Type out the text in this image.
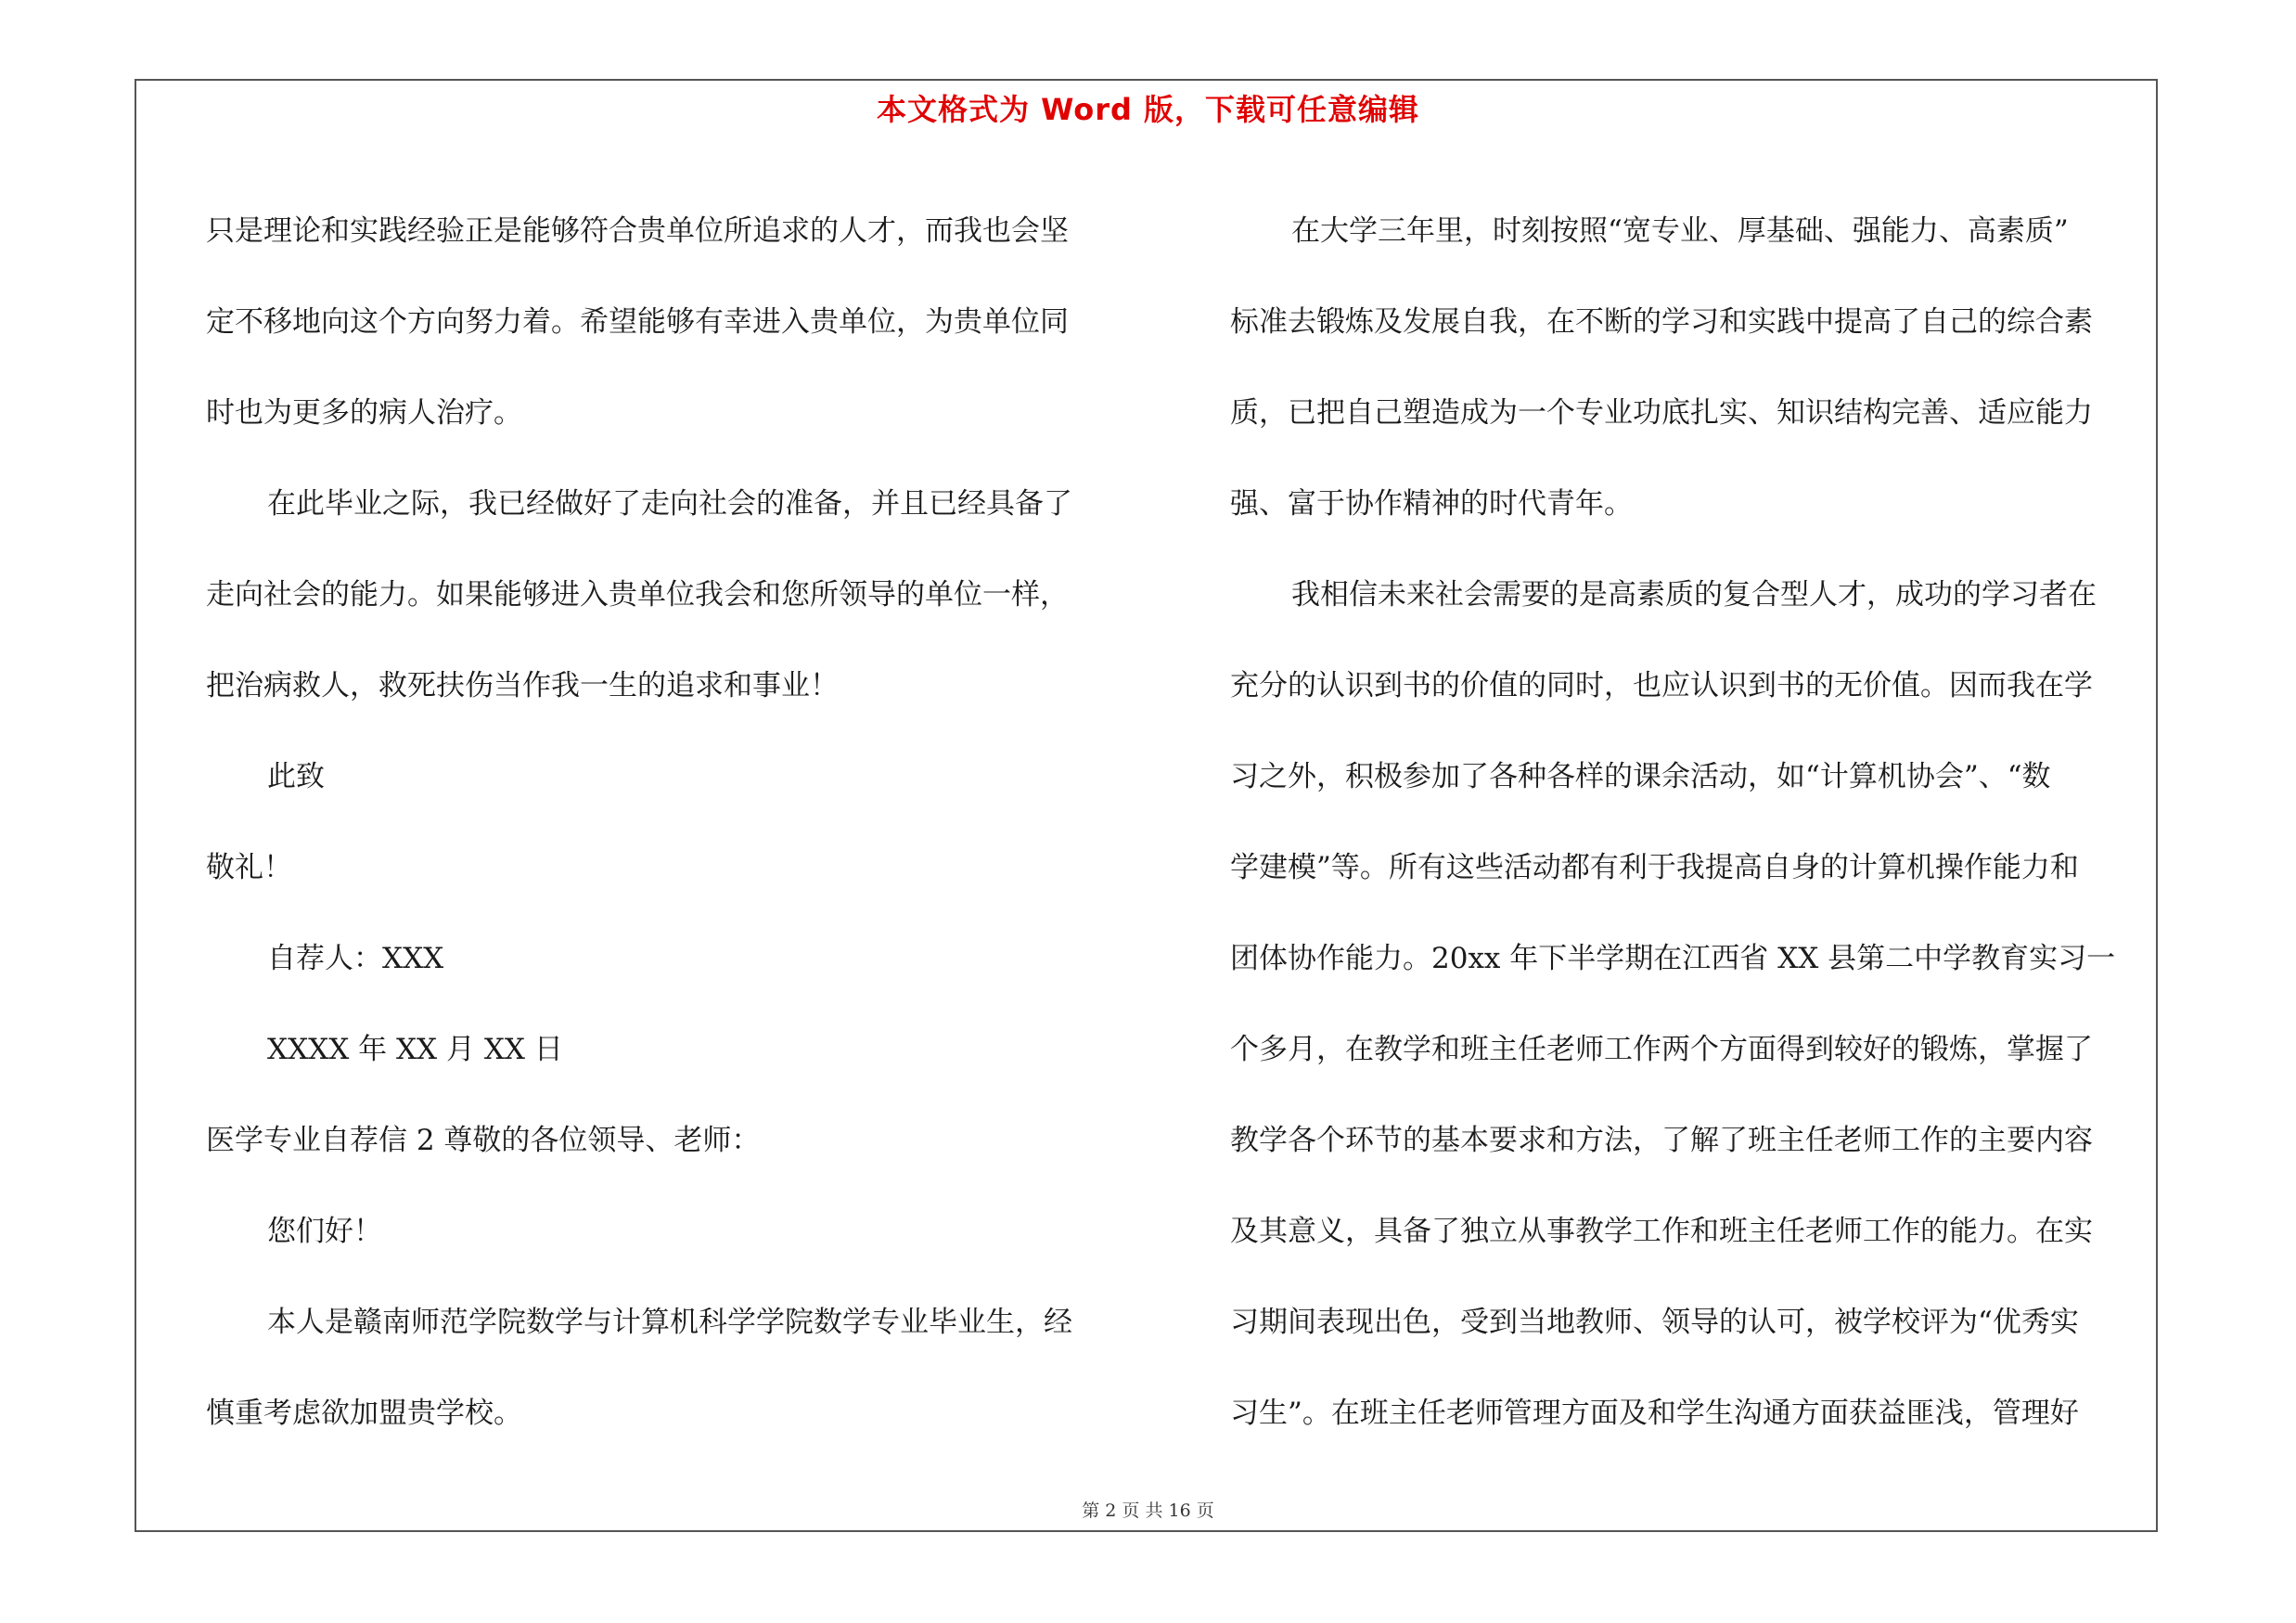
本文格式为 Word 版，下载可任意编辑
只是理论和实践经验正是能够符合贵单位所追求的人才，而我也会坚
定不移地向这个方向努力着。希望能够有幸进入贵单位，为贵单位同
时也为更多的病人治疗。
在此毕业之际，我已经做好了走向社会的准备，并且已经具备了
走向社会的能力。如果能够进入贵单位我会和您所领导的单位一样，
把治病救人，救死扶伤当作我一生的追求和事业！
此致
敬礼！
自荐人：XXX
XXXX 年 XX 月 XX 日
医学专业自荐信 2 尊敬的各位领导、老师：
您们好！
本人是赣南师范学院数学与计算机科学学院数学专业毕业生，经
慎重考虑欲加盟贵学校。
在大学三年里，时刻按照“宽专业、厚基础、强能力、高素质”
标准去锻炼及发展自我，在不断的学习和实践中提高了自己的综合素
质，已把自己塑造成为一个专业功底扎实、知识结构完善、适应能力
强、富于协作精神的时代青年。
我相信未来社会需要的是高素质的复合型人才，成功的学习者在
充分的认识到书的价值的同时，也应认识到书的无价值。因而我在学
习之外，积极参加了各种各样的课余活动，如“计算机协会”、“数
学建模”等。所有这些活动都有利于我提高自身的计算机操作能力和
团体协作能力。20xx 年下半学期在江西省 XX 县第二中学教育实习一
个多月，在教学和班主任老师工作两个方面得到较好的锻炼，掌握了
教学各个环节的基本要求和方法，了解了班主任老师工作的主要内容
及其意义，具备了独立从事教学工作和班主任老师工作的能力。在实
习期间表现出色，受到当地教师、领导的认可，被学校评为“优秀实
习生”。在班主任老师管理方面及和学生沟通方面获益匪浅，管理好
第 2 页 共 16 页
